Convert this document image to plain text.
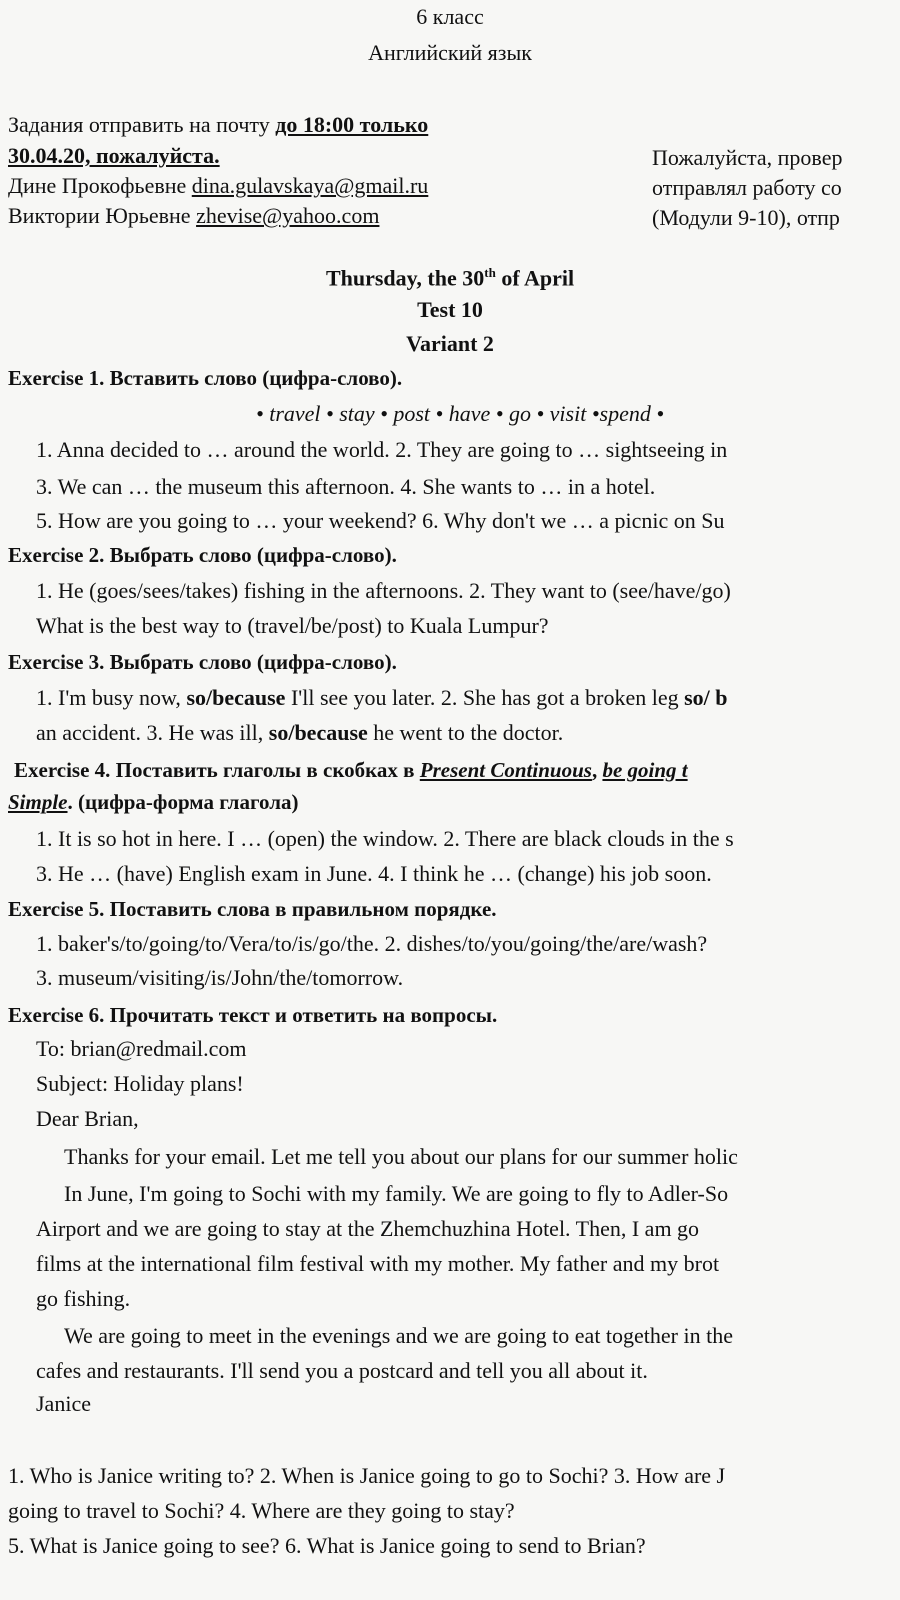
6 класс
Английский язык
Задания отправить на почту до 18:00 только
30.04.20, пожалуйста.
Дине Прокофьевне dina.gulavskaya@gmail.ru
Виктории Юрьевне zhevise@yahoo.com
Пожалуйста, провер
отправлял работу со
(Модули 9-10), отпр
Thursday, the 30th of April
Test 10
Variant 2
Exercise 1. Вставить слово (цифра-слово).
• travel • stay • post • have • go • visit •spend •
1. Anna decided to … around the world. 2. They are going to … sightseeing in
3. We can … the museum this afternoon. 4. She wants to … in a hotel.
5. How are you going to … your weekend? 6. Why don't we … a picnic on Su
Exercise 2. Выбрать слово (цифра-слово).
1. He (goes/sees/takes) fishing in the afternoons. 2. They want to (see/have/go)
What is the best way to (travel/be/post) to Kuala Lumpur?
Exercise 3. Выбрать слово (цифра-слово).
1. I'm busy now, so/because I'll see you later. 2. She has got a broken leg so/ b
an accident. 3. He was ill, so/because he went to the doctor.
Exercise 4. Поставить глаголы в скобках в Present Continuous, be going t
Simple. (цифра-форма глагола)
1. It is so hot in here. I … (open) the window. 2. There are black clouds in the s
3. He … (have) English exam in June. 4. I think he … (change) his job soon.
Exercise 5. Поставить слова в правильном порядке.
1. baker's/to/going/to/Vera/to/is/go/the. 2. dishes/to/you/going/the/are/wash?
3. museum/visiting/is/John/the/tomorrow.
Exercise 6. Прочитать текст и ответить на вопросы.
To: brian@redmail.com
Subject: Holiday plans!
Dear Brian,
Thanks for your email. Let me tell you about our plans for our summer holic
In June, I'm going to Sochi with my family. We are going to fly to Adler-So
Airport and we are going to stay at the Zhemchuzhina Hotel. Then, I am go
films at the international film festival with my mother. My father and my brot
go fishing.
We are going to meet in the evenings and we are going to eat together in the
cafes and restaurants. I'll send you a postcard and tell you all about it.
Janice
1. Who is Janice writing to? 2. When is Janice going to go to Sochi? 3. How are J
going to travel to Sochi? 4. Where are they going to stay?
5. What is Janice going to see? 6. What is Janice going to send to Brian?
